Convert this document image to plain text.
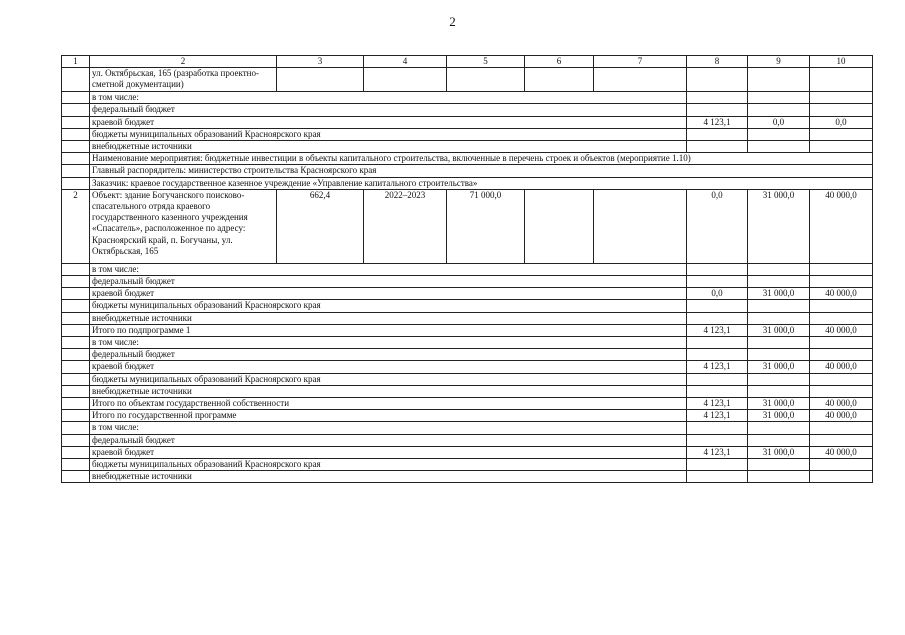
2
1	2	3	4	5	6	7	8	9	10
	ул. Октябрьская, 165 (разработка проектно-сметной документации)								
	в том числе:								
	федеральный бюджет								
	краевой бюджет						4 123,1	0,0	0,0
	бюджеты муниципальных образований Красноярского края								
	внебюджетные источники								
	Наименование мероприятия: бюджетные инвестиции в объекты капитального строительства, включенные в перечень строек и объектов (мероприятие 1.10)								
	Главный распорядитель: министерство строительства Красноярского края								
	Заказчик: краевое государственное казенное учреждение «Управление капитального строительства»								
2	Объект: здание Богучанского поисково-спасательного отряда краевого государственного казенного учреждения «Спасатель», расположенное по адресу: Красноярский край, п. Богучаны, ул. Октябрьская, 165	662,4	2022–2023	71 000,0			0,0	31 000,0	40 000,0
	в том числе:								
	федеральный бюджет								
	краевой бюджет						0,0	31 000,0	40 000,0
	бюджеты муниципальных образований Красноярского края								
	внебюджетные источники								
	Итого по подпрограмме 1						4 123,1	31 000,0	40 000,0
	в том числе:								
	федеральный бюджет								
	краевой бюджет						4 123,1	31 000,0	40 000,0
	бюджеты муниципальных образований Красноярского края								
	внебюджетные источники								
	Итого по объектам государственной собственности						4 123,1	31 000,0	40 000,0
	Итого по государственной программе						4 123,1	31 000,0	40 000,0
	в том числе:								
	федеральный бюджет								
	краевой бюджет						4 123,1	31 000,0	40 000,0
	бюджеты муниципальных образований Красноярского края								
	внебюджетные источники								
